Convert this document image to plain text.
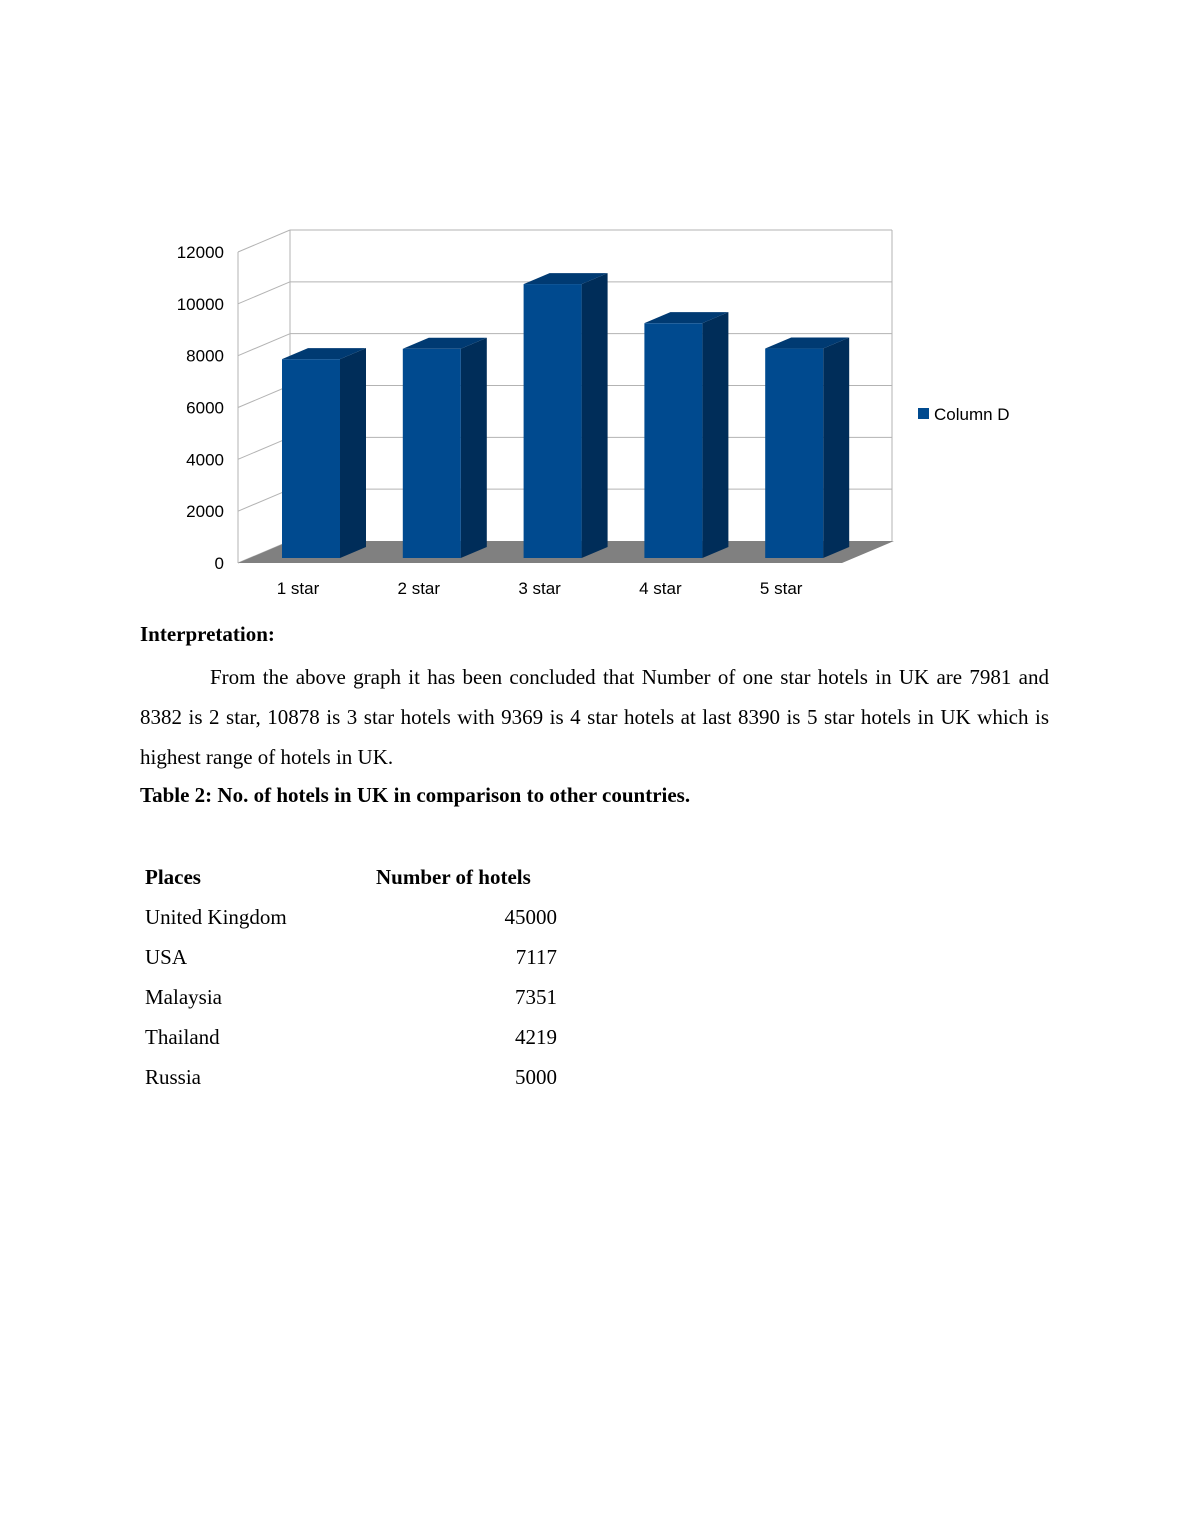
0
2000
4000
6000
8000
10000
12000
1 star	2 star	3 star	4 star	5 star
Column D
Interpretation:

From the above graph it has been concluded that Number of one star hotels in UK are 7981 and 8382 is 2 star, 10878 is 3 star hotels with 9369 is 4 star hotels at last 8390 is 5 star hotels in UK which is highest range of hotels in UK.

Table 2: No. of hotels in UK in comparison to other countries.

Places	Number of hotels
United Kingdom	45000
USA	7117
Malaysia	7351
Thailand	4219
Russia	5000
